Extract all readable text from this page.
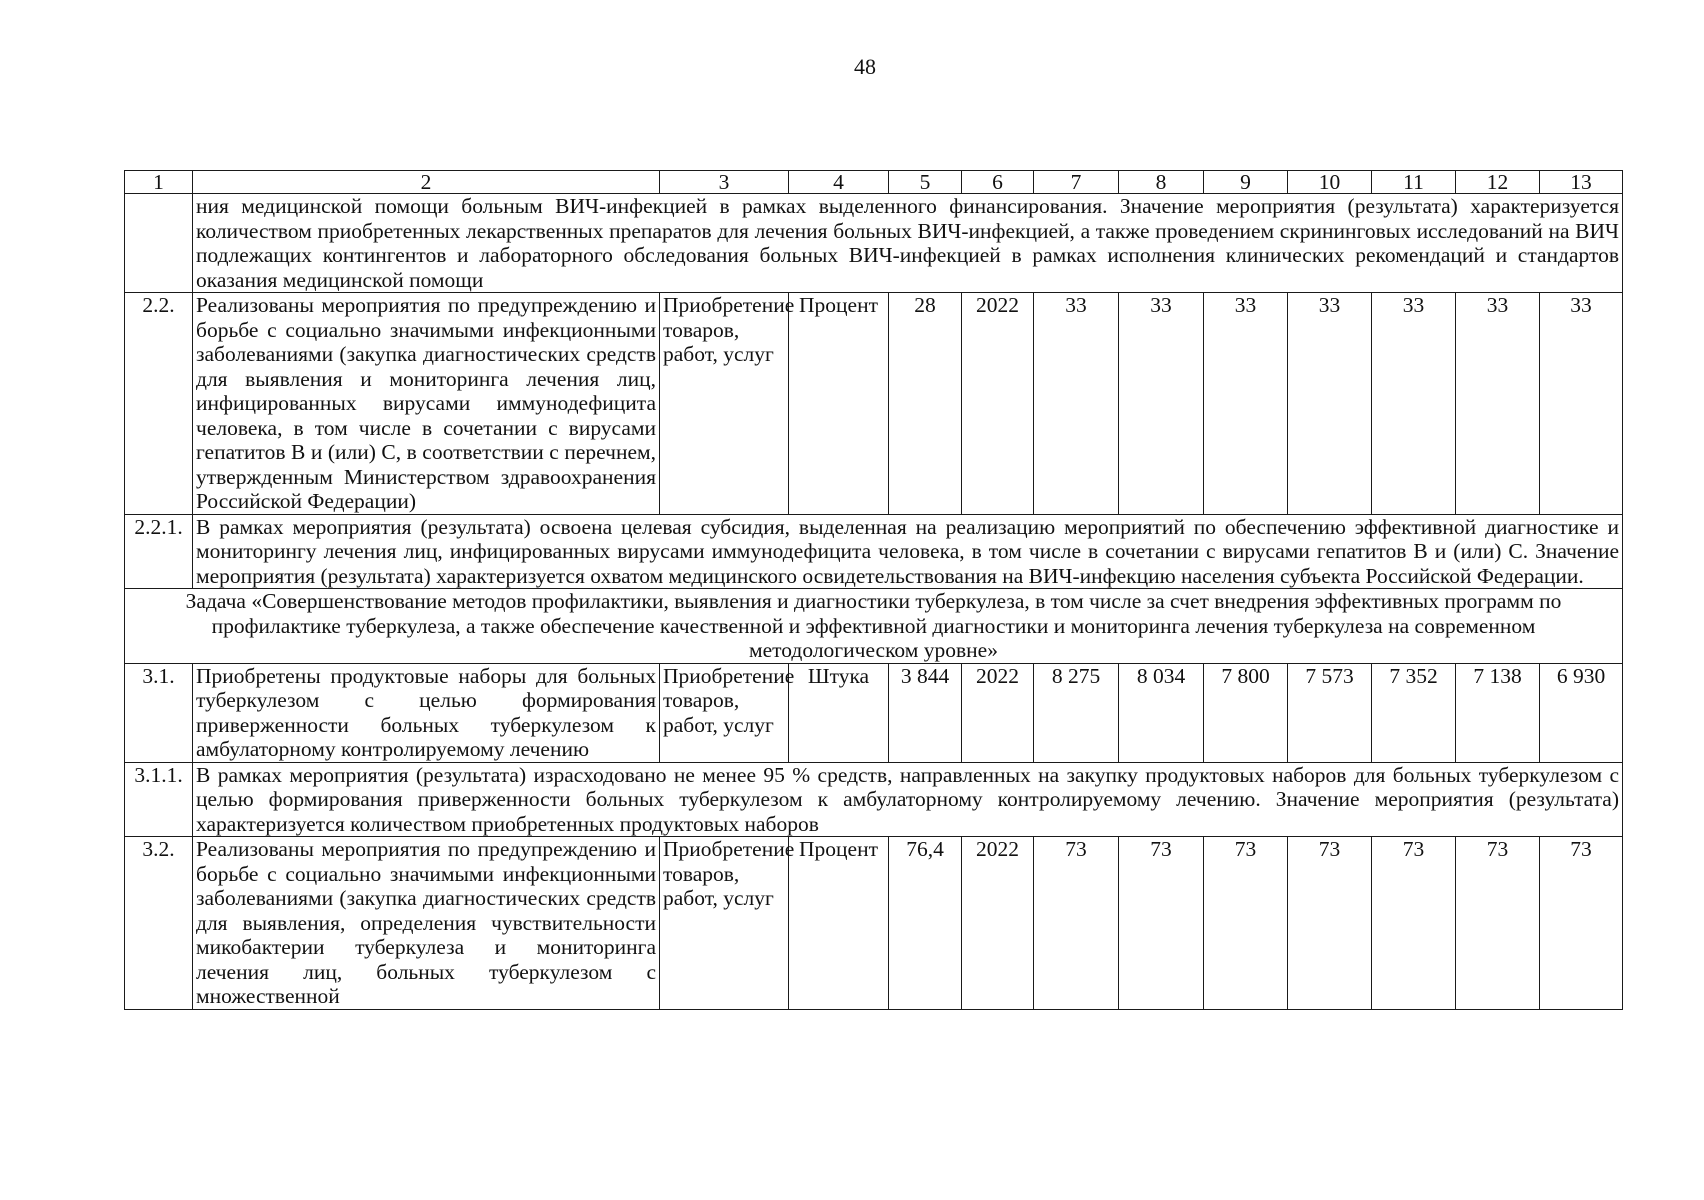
48
1	2	3	4	5	6	7	8	9	10	11	12	13
	ния медицинской помощи больным ВИЧ-инфекцией в рамках выделенного финансирования. Значение мероприятия (результата) характеризуется количеством приобретенных лекарственных препаратов для лечения больных ВИЧ-инфекцией, а также проведением скрининговых исследований на ВИЧ подлежащих контингентов и лабораторного обследования больных ВИЧ-инфекцией в рамках исполнения клинических рекомендаций и стандартов оказания медицинской помощи											
2.2.	Реализованы мероприятия по предупреждению и борьбе с социально значимыми инфекционными заболеваниями (закупка диагностических средств для выявления и мониторинга лечения лиц, инфицированных вирусами иммунодефицита человека, в том числе в сочетании с вирусами гепатитов В и (или) С, в соответствии с перечнем, утвержденным Министерством здравоохранения Российской Федерации)	Приобретение товаров, работ, услуг	Процент	28	2022	33	33	33	33	33	33	33
2.2.1.	В рамках мероприятия (результата) освоена целевая субсидия, выделенная на реализацию мероприятий по обеспечению эффективной диагностике и мониторингу лечения лиц, инфицированных вирусами иммунодефицита человека, в том числе в сочетании с вирусами гепатитов В и (или) С. Значение мероприятия (результата) характеризуется охватом медицинского освидетельствования на ВИЧ-инфекцию населения субъекта Российской Федерации.											
Задача «Совершенствование методов профилактики, выявления и диагностики туберкулеза, в том числе за счет внедрения эффективных программ по профилактике туберкулеза, а также обеспечение качественной и эффективной диагностики и мониторинга лечения туберкулеза на современном методологическом уровне»												
3.1.	Приобретены продуктовые наборы для больных туберкулезом с целью формирования приверженности больных туберкулезом к амбулаторному контролируемому лечению	Приобретение товаров, работ, услуг	Штука	3 844	2022	8 275	8 034	7 800	7 573	7 352	7 138	6 930
3.1.1.	В рамках мероприятия (результата) израсходовано не менее 95 % средств, направленных на закупку продуктовых наборов для больных туберкулезом с целью формирования приверженности больных туберкулезом к амбулаторному контролируемому лечению. Значение мероприятия (результата) характеризуется количеством приобретенных продуктовых наборов											
3.2.	Реализованы мероприятия по предупреждению и борьбе с социально значимыми инфекционными заболеваниями (закупка диагностических средств для выявления, определения чувствительности микобактерии туберкулеза и мониторинга лечения лиц, больных туберкулезом с множественной	Приобретение товаров, работ, услуг	Процент	76,4	2022	73	73	73	73	73	73	73
